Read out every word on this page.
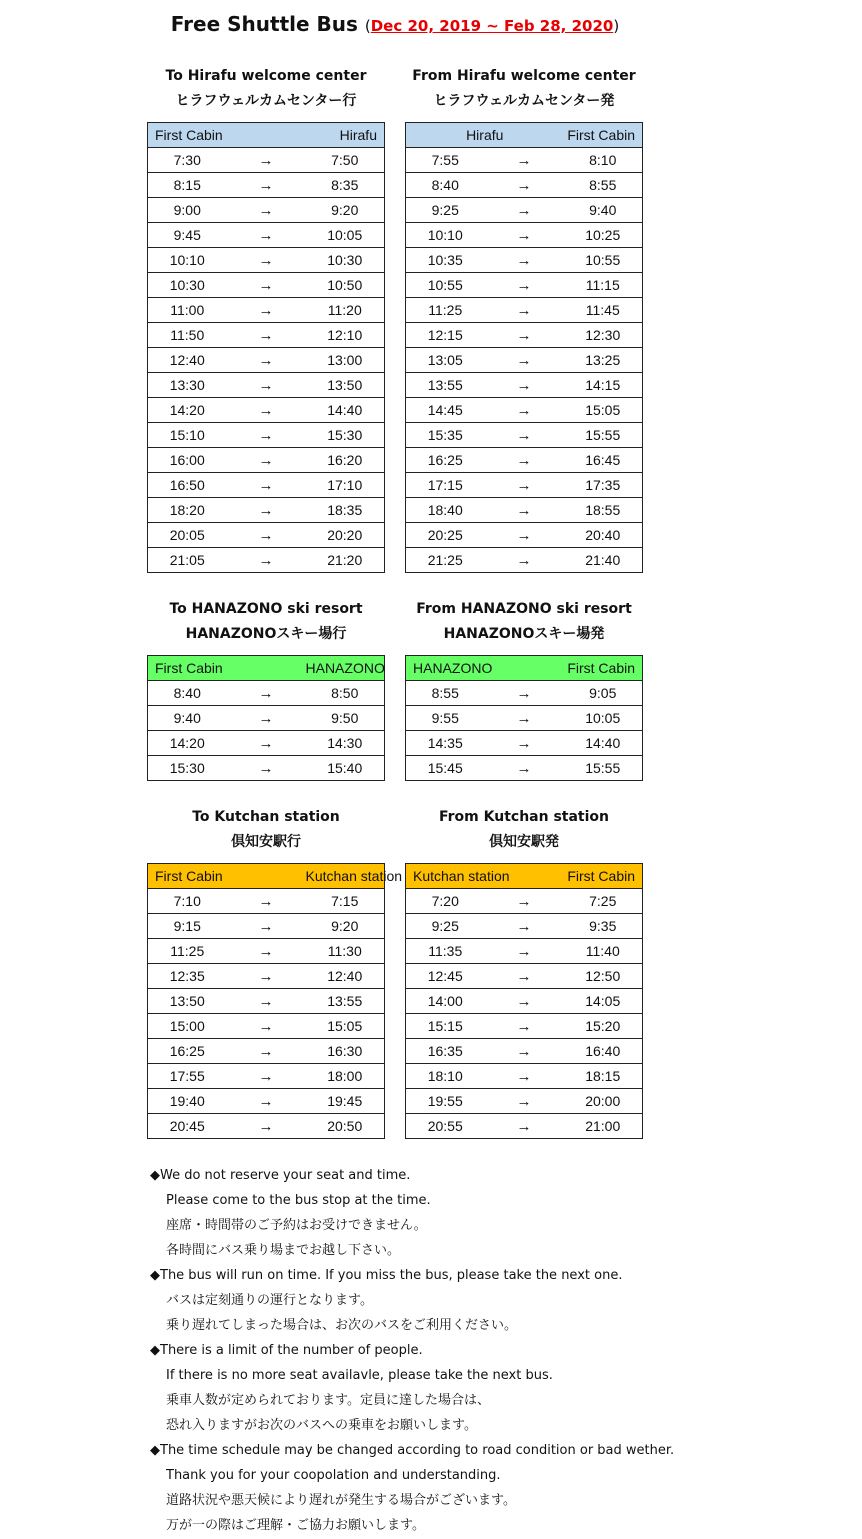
Free Shuttle Bus (Dec 20, 2019 ~ Feb 28, 2020)
To Hirafu welcome center
ヒラフウェルカムセンター行
First Cabin		Hirafu
7:30	→	7:50
8:15	→	8:35
9:00	→	9:20
9:45	→	10:05
10:10	→	10:30
10:30	→	10:50
11:00	→	11:20
11:50	→	12:10
12:40	→	13:00
13:30	→	13:50
14:20	→	14:40
15:10	→	15:30
16:00	→	16:20
16:50	→	17:10
18:20	→	18:35
20:05	→	20:20
21:05	→	21:20
From Hirafu welcome center
ヒラフウェルカムセンター発
Hirafu		First Cabin
7:55	→	8:10
8:40	→	8:55
9:25	→	9:40
10:10	→	10:25
10:35	→	10:55
10:55	→	11:15
11:25	→	11:45
12:15	→	12:30
13:05	→	13:25
13:55	→	14:15
14:45	→	15:05
15:35	→	15:55
16:25	→	16:45
17:15	→	17:35
18:40	→	18:55
20:25	→	20:40
21:25	→	21:40
To HANAZONO ski resort
HANAZONOスキー場行
First Cabin		HANAZONO
8:40	→	8:50
9:40	→	9:50
14:20	→	14:30
15:30	→	15:40
From HANAZONO ski resort
HANAZONOスキー場発
HANAZONO		First Cabin
8:55	→	9:05
9:55	→	10:05
14:35	→	14:40
15:45	→	15:55
To Kutchan station
倶知安駅行
First Cabin		Kutchan station
7:10	→	7:15
9:15	→	9:20
11:25	→	11:30
12:35	→	12:40
13:50	→	13:55
15:00	→	15:05
16:25	→	16:30
17:55	→	18:00
19:40	→	19:45
20:45	→	20:50
From Kutchan station
倶知安駅発
Kutchan station		First Cabin
7:20	→	7:25
9:25	→	9:35
11:35	→	11:40
12:45	→	12:50
14:00	→	14:05
15:15	→	15:20
16:35	→	16:40
18:10	→	18:15
19:55	→	20:00
20:55	→	21:00
◆We do not reserve your seat and time.
Please come to the bus stop at the time.
座席・時間帯のご予約はお受けできません。
各時間にバス乗り場までお越し下さい。
◆The bus will run on time. If you miss the bus, please take the next one.
バスは定刻通りの運行となります。
乗り遅れてしまった場合は、お次のバスをご利用ください。
◆There is a limit of the number of people.
If there is no more seat availavle, please take the next bus.
乗車人数が定められております。定員に達した場合は、
恐れ入りますがお次のバスへの乗車をお願いします。
◆The time schedule may be changed according to road condition or bad wether.
Thank you for your coopolation and understanding.
道路状況や悪天候により遅れが発生する場合がございます。
万が一の際はご理解・ご協力お願いします。
